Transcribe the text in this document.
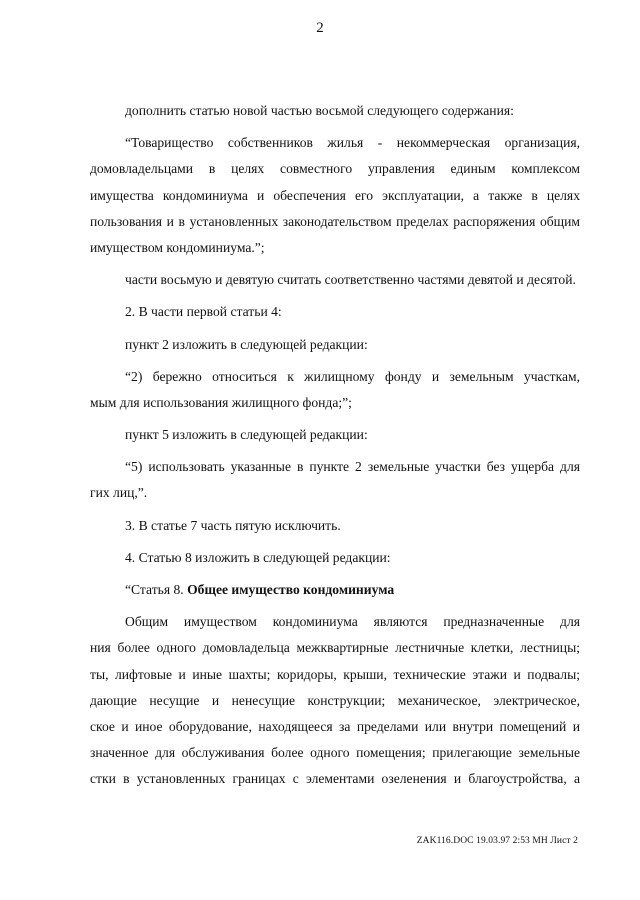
2
дополнить статью новой частью восьмой следующего содержания:
“Товарищество собственников жилья - некоммерческая организация,
домовладельцами в целях совместного управления единым комплексом
имущества кондоминиума и обеспечения его эксплуатации, а также в целях
пользования и в установленных законодательством пределах распоряжения общим
имуществом кондоминиума.”;
части восьмую и девятую считать соответственно частями девятой и десятой.
2. В части первой статьи 4:
пункт 2 изложить в следующей редакции:
“2) бережно относиться к жилищному фонду и земельным участкам,
мым для использования жилищного фонда;”;
пункт 5 изложить в следующей редакции:
“5) использовать указанные в пункте 2 земельные участки без ущерба для
гих лиц,”.
3. В статье 7 часть пятую исключить.
4. Статью 8 изложить в следующей редакции:
“Статья 8. Общее имущество кондоминиума
Общим имуществом кондоминиума являются предназначенные для
ния более одного домовладельца межквартирные лестничные клетки, лестницы;
ты, лифтовые и иные шахты; коридоры, крыши, технические этажи и подвалы;
дающие несущие и ненесущие конструкции; механическое, электрическое,
ское и иное оборудование, находящееся за пределами или внутри помещений и
значенное для обслуживания более одного помещения; прилегающие земельные
стки в установленных границах с элементами озеленения и благоустройства, а
ZAK116.DOC 19.03.97 2:53 МН Лист 2
